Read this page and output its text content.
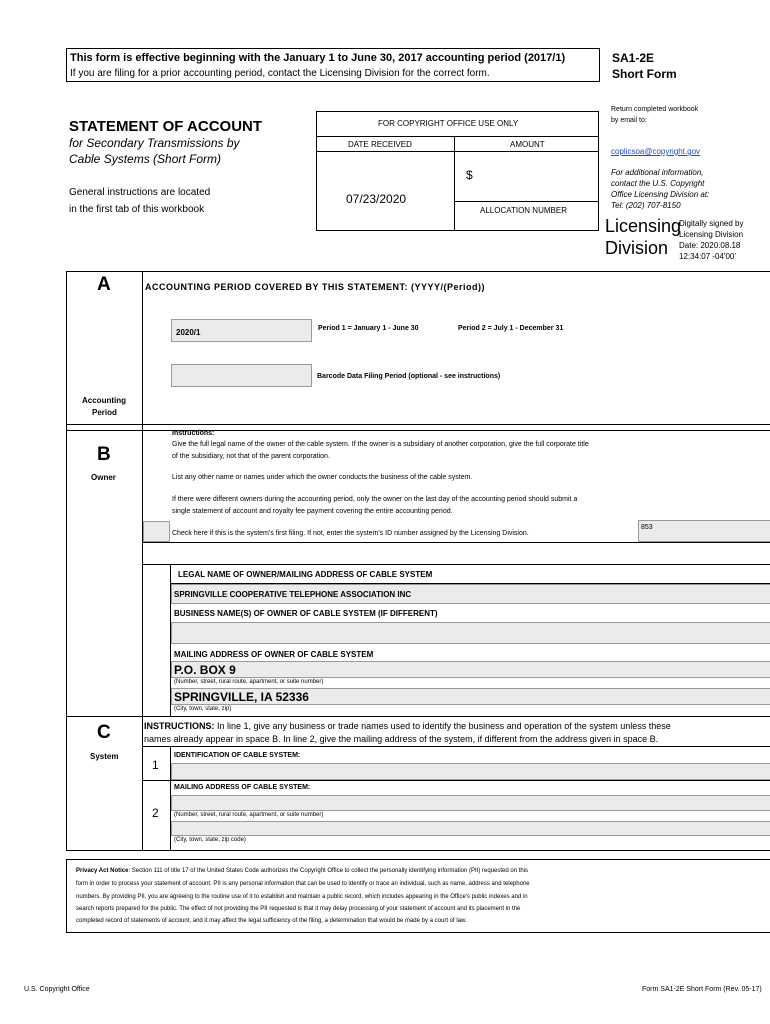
This form is effective beginning with the January 1 to June 30, 2017 accounting period (2017/1)
If you are filing for a prior accounting period, contact the Licensing Division for the correct form.
SA1-2E
Short Form
STATEMENT OF ACCOUNT
for Secondary Transmissions by
Cable Systems (Short Form)
General instructions are located
in the first tab of this workbook
FOR COPYRIGHT OFFICE USE ONLY
DATE RECEIVED	AMOUNT
07/23/2020
$
ALLOCATION NUMBER
Return completed workbook
by email to:
coplicsoa@copyright.gov
For additional information,
contact the U.S. Copyright
Office Licensing Division at:
Tel: (202) 707-8150
Licensing
Division
Digitally signed by
Licensing Division
Date: 2020.08.18
12:34:07 -04'00'
A
Accounting
Period
ACCOUNTING PERIOD COVERED BY THIS STATEMENT: (YYYY/(Period))
2020/1	Period 1 = January 1 - June 30	Period 2 = July 1 - December 31
Barcode Data Filing Period (optional - see instructions)
B
Owner
Instructions:
Give the full legal name of the owner of the cable system. If the owner is a subsidiary of another corporation, give the full corporate title
of the subsidiary, not that of the parent corporation.
List any other name or names under which the owner conducts the business of the cable system.
If there were different owners during the accounting period, only the owner on the last day of the accounting period should submit a
single statement of account and royalty fee payment covering the entire accounting period.
Check here if this is the system's first filing. If not, enter the system's ID number assigned by the Licensing Division.
853
LEGAL NAME OF OWNER/MAILING ADDRESS OF CABLE SYSTEM
SPRINGVILLE COOPERATIVE TELEPHONE ASSOCIATION INC
BUSINESS NAME(S) OF OWNER OF CABLE SYSTEM (IF DIFFERENT)
MAILING ADDRESS OF OWNER OF CABLE SYSTEM
P.O. BOX 9
(Number, street, rural route, apartment, or suite number)
SPRINGVILLE, IA 52336
(City, town, state, zip)
C
System
INSTRUCTIONS: In line 1, give any business or trade names used to identify the business and operation of the system unless these
names already appear in space B. In line 2, give the mailing address of the system, if different from the address given in space B.
1
IDENTIFICATION OF CABLE SYSTEM:
MAILING ADDRESS OF CABLE SYSTEM:
2	(Number, street, rural route, apartment, or suite number)
(City, town, state, zip code)
Privacy Act Notice: Section 111 of title 17 of the United States Code authorizes the Copyright Office to collect the personally identifying information (PII) requested on this
form in order to process your statement of account. PII is any personal information that can be used to identify or trace an individual, such as name, address and telephone
numbers. By providing PII, you are agreeing to the routine use of it to establish and maintain a public record, which includes appearing in the Office's public indexes and in
search reports prepared for the public. The effect of not providing the PII requested is that it may delay processing of your statement of account and its placement in the
completed record of statements of account, and it may affect the legal sufficiency of the filing, a determination that would be made by a court of law.
U.S. Copyright Office	Form SA1-2E Short Form (Rev. 05-17)
